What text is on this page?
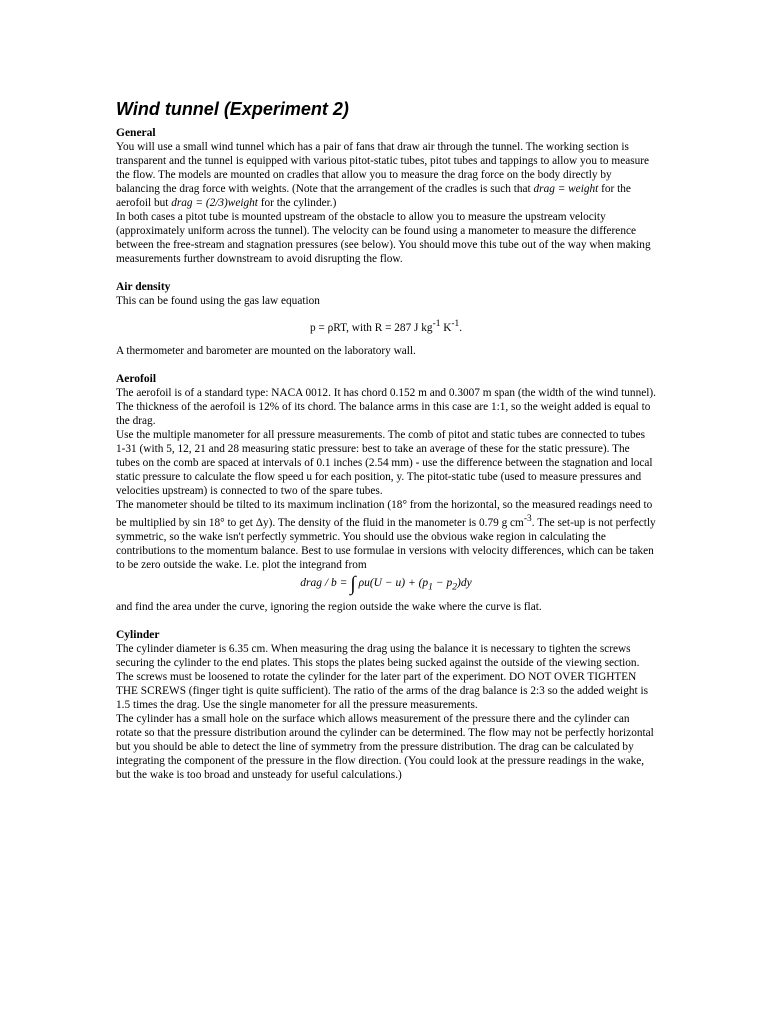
Wind tunnel (Experiment 2)
General

You will use a small wind tunnel which has a pair of fans that draw air through the tunnel. The working section is transparent and the tunnel is equipped with various pitot-static tubes, pitot tubes and tappings to allow you to measure the flow. The models are mounted on cradles that allow you to measure the drag force on the body directly by balancing the drag force with weights. (Note that the arrangement of the cradles is such that drag = weight for the aerofoil but drag = (2/3)weight for the cylinder.)

In both cases a pitot tube is mounted upstream of the obstacle to allow you to measure the upstream velocity (approximately uniform across the tunnel). The velocity can be found using a manometer to measure the difference between the free-stream and stagnation pressures (see below). You should move this tube out of the way when making measurements further downstream to avoid disrupting the flow.

Air density

This can be found using the gas law equation

p = ρRT, with R = 287 J $kg^{-1}$ $K^{-1}$.

A thermometer and barometer are mounted on the laboratory wall.

Aerofoil

The aerofoil is of a standard type: NACA 0012. It has chord 0.152 m and 0.3007 m span (the width of the wind tunnel). The thickness of the aerofoil is 12% of its chord. The balance arms in this case are 1:1, so the weight added is equal to the drag.

Use the multiple manometer for all pressure measurements. The comb of pitot and static tubes are connected to tubes 1-31 (with 5, 12, 21 and 28 measuring static pressure: best to take an average of these for the static pressure). The tubes on the comb are spaced at intervals of 0.1 inches (2.54 mm) - use the difference between the stagnation and local static pressure to calculate the flow speed u for each position, y. The pitot-static tube (used to measure pressures and velocities upstream) is connected to two of the spare tubes.

The manometer should be tilted to its maximum inclination (18° from the horizontal, so the measured readings need to be multiplied by sin 18° to get Δy). The density of the fluid in the manometer is 0.79 g $cm^{-3}$. The set-up is not perfectly symmetric, so the wake isn't perfectly symmetric. You should use the obvious wake region in calculating the contributions to the momentum balance. Best to use formulae in versions with velocity differences, which can be taken to be zero outside the wake. I.e. plot the integrand from

drag / b = ∫ $\rho u(U - u) + (p_1 - p_2)dy$

and find the area under the curve, ignoring the region outside the wake where the curve is flat.

Cylinder

The cylinder diameter is 6.35 cm. When measuring the drag using the balance it is necessary to tighten the screws securing the cylinder to the end plates. This stops the plates being sucked against the outside of the viewing section. The screws must be loosened to rotate the cylinder for the later part of the experiment. DO NOT OVER TIGHTEN THE SCREWS (finger tight is quite sufficient). The ratio of the arms of the drag balance is 2:3 so the added weight is 1.5 times the drag. Use the single manometer for all the pressure measurements.

The cylinder has a small hole on the surface which allows measurement of the pressure there and the cylinder can rotate so that the pressure distribution around the cylinder can be determined. The flow may not be perfectly horizontal but you should be able to detect the line of symmetry from the pressure distribution. The drag can be calculated by integrating the component of the pressure in the flow direction. (You could look at the pressure readings in the wake, but the wake is too broad and unsteady for useful calculations.)
